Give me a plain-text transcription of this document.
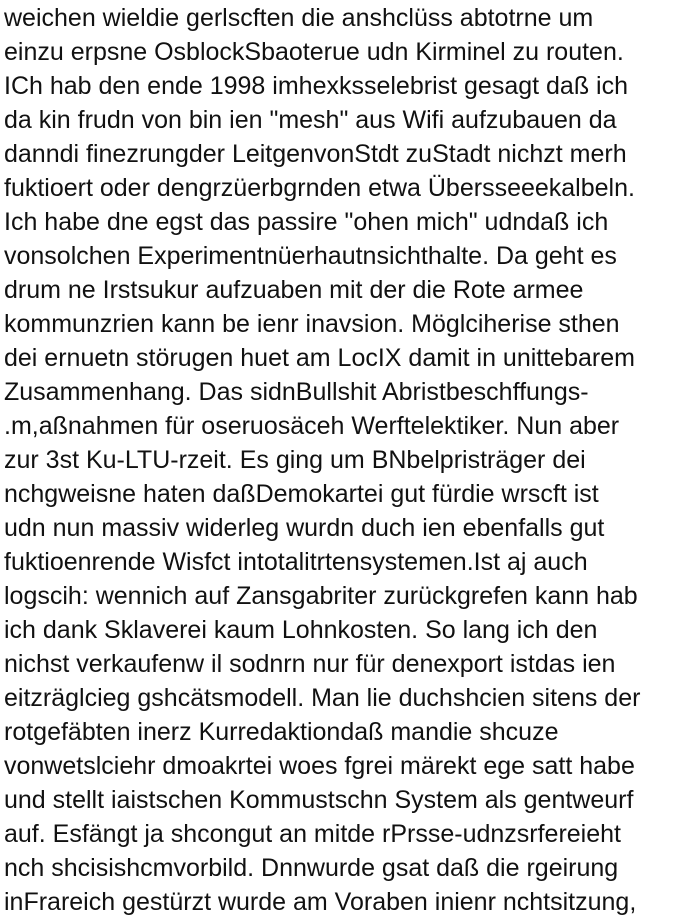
weichen wieldie gerlscften die anshclüss abtotrne um
einzu erpsne OsblockSbaoterue udn Kirminel zu routen.
ICh hab den ende 1998 imhexksselebrist gesagt daß ich
da kin frudn von bin ien "mesh" aus Wifi aufzubauen da
danndi finezrungder LeitgenvonStdt zuStadt nichzt merh
fuktioert oder dengrzüerbgrnden etwa Übersseeekalbeln.
Ich habe dne egst das passire "ohen mich" udndaß ich
vonsolchen Experimentnüerhautnsichthalte. Da geht es
drum ne Irstsukur aufzuaben mit der die Rote armee
kommunzrien kann be ienr inavsion. Möglciherise sthen
dei ernuetn störugen huet am LocIX damit in unittebarem
Zusammenhang. Das sidnBullshit Abristbeschffungs-
.m,aßnahmen für oseruosäceh Werftelektiker. Nun aber
zur 3st Ku-LTU-rzeit. Es ging um BNbelpristräger dei
nchgweisne haten daßDemokartei gut fürdie wrscft ist
udn nun massiv widerleg wurdn duch ien ebenfalls gut
fuktioenrende Wisfct intotalitrtensystemen.Ist aj auch
logscih: wennich auf Zansgabriter zurückgrefen kann hab
ich dank Sklaverei kaum Lohnkosten. So lang ich den
nichst verkaufenw il sodnrn nur für denexport istdas ien
eitzräglcieg gshcätsmodell. Man lie duchshcien sitens der
rotgefäbten inerz Kurredaktiondaß mandie shcuze
vonwetslciehr dmoakrtei woes fgrei märekt ege satt habe
und stellt iaistschen Kommustschn System als gentweurf
auf. Esfängt ja shcongut an mitde rPrsse-udnzsrfereieht
nch shcisishcmvorbild. Dnnwurde gsat daß die rgeirung
inFrareich gestürzt wurde am Voraben inienr nchtsitzung,
